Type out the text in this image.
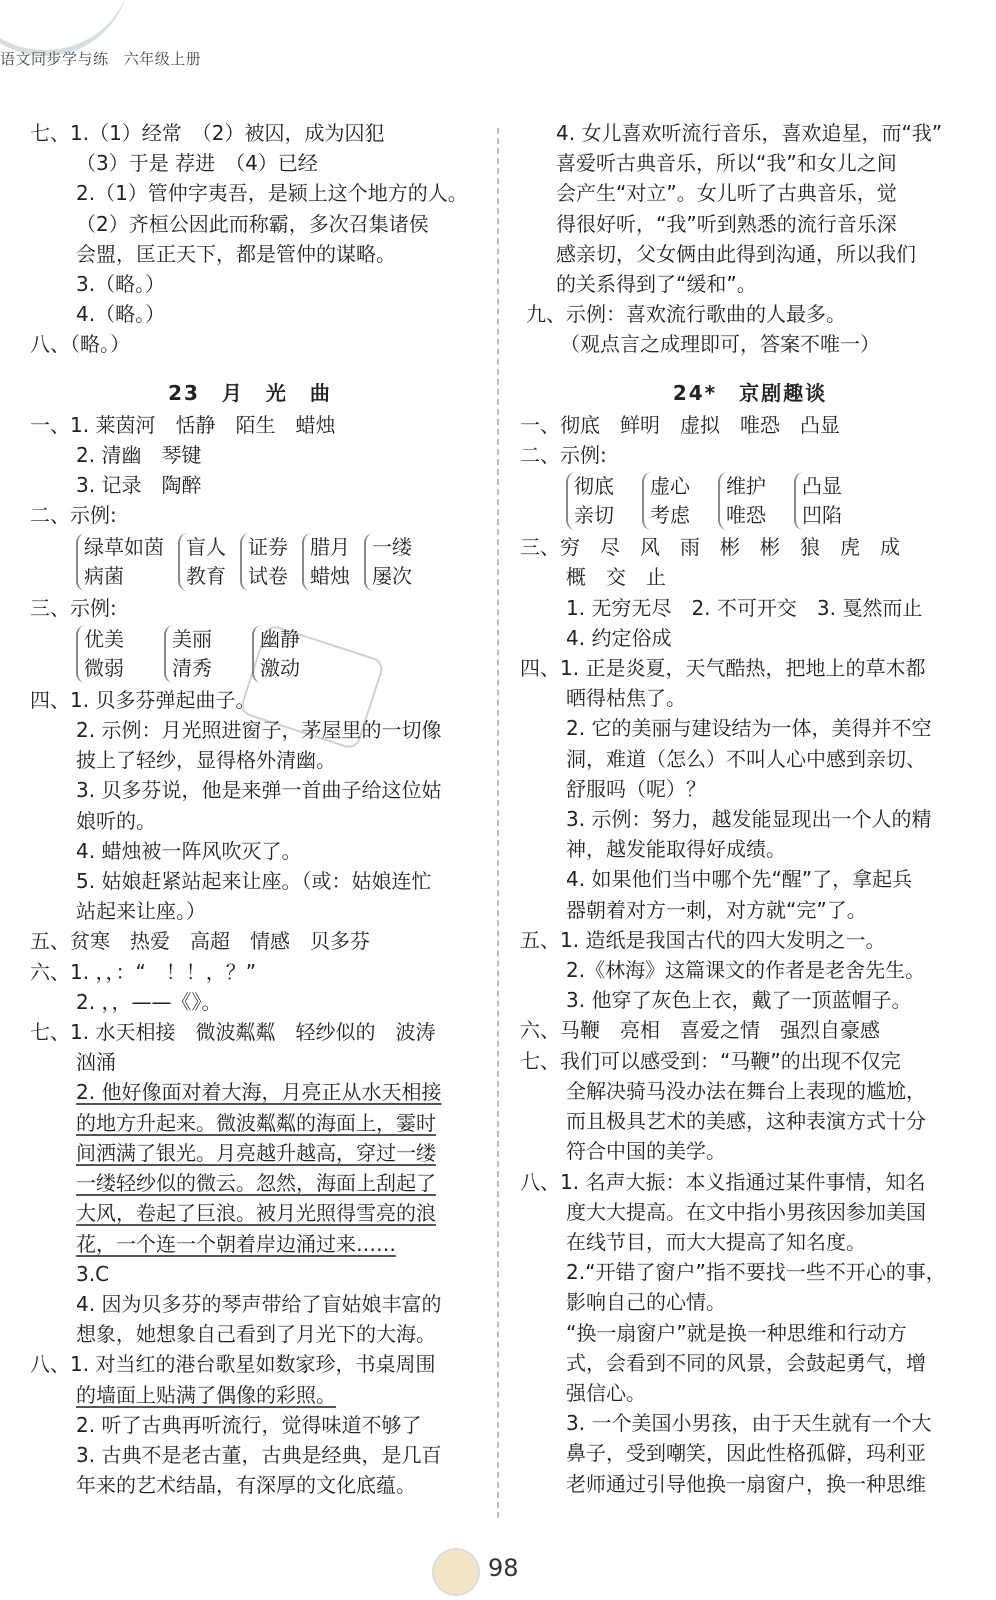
语文同步学与练 六年级上册
七、1.（1）经常　（2）被囚，成为囚犯
（3）于是 荐进　（4）已经
2.（1）管仲字夷吾，是颍上这个地方的人。
（2）齐桓公因此而称霸，多次召集诸侯
会盟，匡正天下，都是管仲的谋略。
3.（略。）
4.（略。）
八、（略。）
23　月　光　曲
一、1. 莱茵河　恬静　陌生　蜡烛
2. 清幽　琴键
3. 记录　陶醉
二、示例:
绿草如茵
病菌
盲人
教育
证券
试卷
腊月
蜡烛
一缕
屡次
三、示例:
优美
微弱
美丽
清秀
幽静
激动
四、1. 贝多芬弹起曲子。
2. 示例：月光照进窗子，茅屋里的一切像
披上了轻纱，显得格外清幽。
3. 贝多芬说，他是来弹一首曲子给这位姑
娘听的。
4. 蜡烛被一阵风吹灭了。
5. 姑娘赶紧站起来让座。（或：姑娘连忙
站起来让座。）
五、贫寒　热爱　高超　情感　贝多芬
六、1. ，，：“　！！，？”
2. ，，——《》。
七、1. 水天相接　微波粼粼　轻纱似的　波涛
汹涌
2. 他好像面对着大海，月亮正从水天相接
的地方升起来。微波粼粼的海面上，霎时
间洒满了银光。月亮越升越高，穿过一缕
一缕轻纱似的微云。忽然，海面上刮起了
大风，卷起了巨浪。被月光照得雪亮的浪
花，一个连一个朝着岸边涌过来……
3.C
4. 因为贝多芬的琴声带给了盲姑娘丰富的
想象，她想象自己看到了月光下的大海。
八、1. 对当红的港台歌星如数家珍，书桌周围
的墙面上贴满了偶像的彩照。
2. 听了古典再听流行，觉得味道不够了
3. 古典不是老古董，古典是经典，是几百
年来的艺术结晶，有深厚的文化底蕴。
4. 女儿喜欢听流行音乐，喜欢追星，而“我”
喜爱听古典音乐，所以“我”和女儿之间
会产生“对立”。女儿听了古典音乐，觉
得很好听，“我”听到熟悉的流行音乐深
感亲切，父女俩由此得到沟通，所以我们
的关系得到了“缓和”。
九、示例：喜欢流行歌曲的人最多。
（观点言之成理即可，答案不唯一）
24*　京剧趣谈
一、彻底　鲜明　虚拟　唯恐　凸显
二、示例:
彻底
亲切
虚心
考虑
维护
唯恐
凸显
凹陷
三、穷　尽　风　雨　彬　彬　狼　虎　成
概　交　止
1. 无穷无尽　2. 不可开交　3. 戛然而止
4. 约定俗成
四、1. 正是炎夏，天气酷热，把地上的草木都
晒得枯焦了。
2. 它的美丽与建设结为一体，美得并不空
洞，难道（怎么）不叫人心中感到亲切、
舒服吗（呢）？
3. 示例：努力，越发能显现出一个人的精
神，越发能取得好成绩。
4. 如果他们当中哪个先“醒”了，拿起兵
器朝着对方一刺，对方就“完”了。
五、1. 造纸是我国古代的四大发明之一。
2.《林海》这篇课文的作者是老舍先生。
3. 他穿了灰色上衣，戴了一顶蓝帽子。
六、马鞭　亮相　喜爱之情　强烈自豪感
七、我们可以感受到：“马鞭”的出现不仅完
全解决骑马没办法在舞台上表现的尴尬，
而且极具艺术的美感，这种表演方式十分
符合中国的美学。
八、1. 名声大振：本义指通过某件事情，知名
度大大提高。在文中指小男孩因参加美国
在线节目，而大大提高了知名度。
2.“开错了窗户”指不要找一些不开心的事，
影响自己的心情。
“换一扇窗户”就是换一种思维和行动方
式，会看到不同的风景，会鼓起勇气，增
强信心。
3. 一个美国小男孩，由于天生就有一个大
鼻子，受到嘲笑，因此性格孤僻，玛利亚
老师通过引导他换一扇窗户，换一种思维
98
